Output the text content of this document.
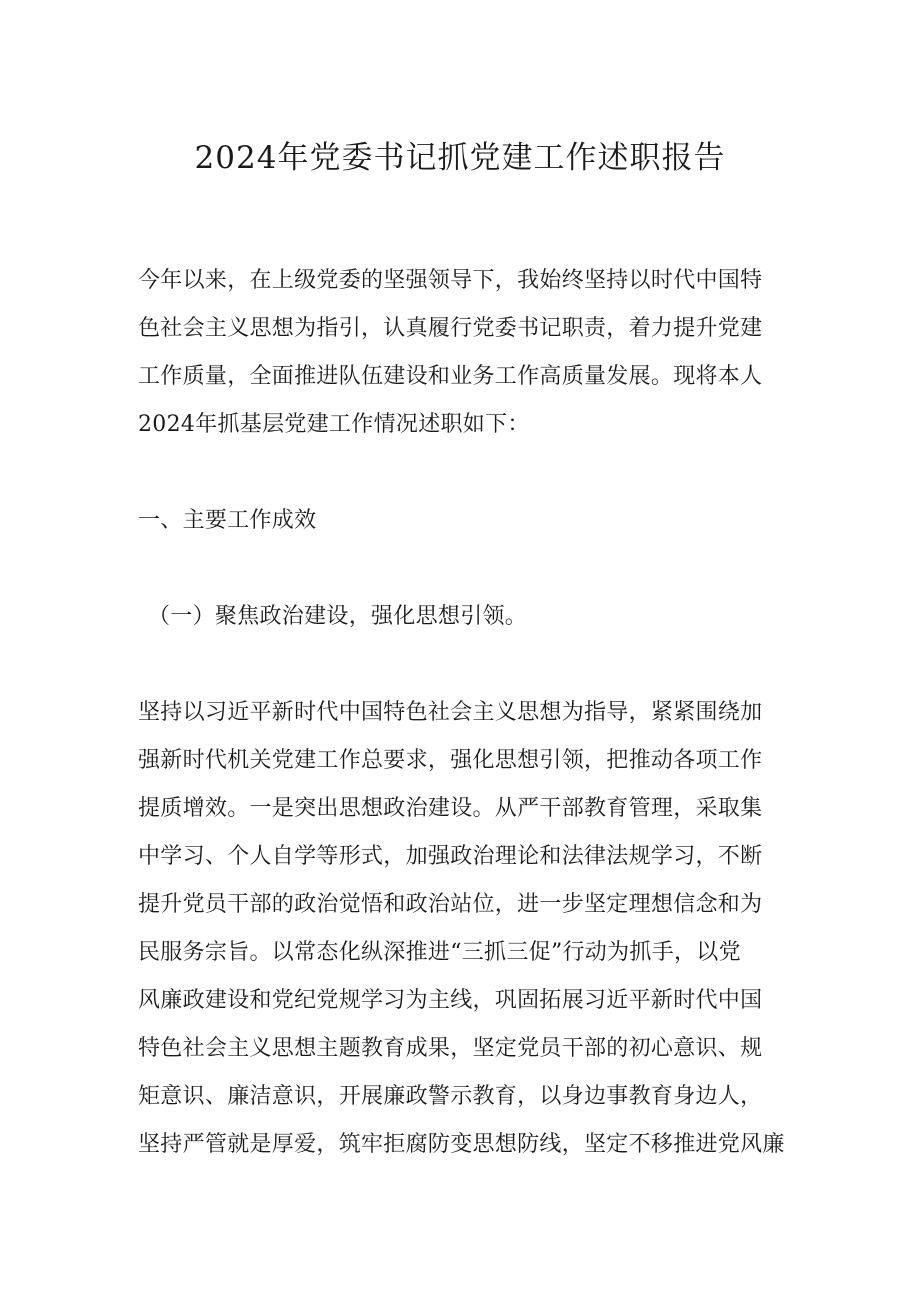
2024年党委书记抓党建工作述职报告
今年以来，在上级党委的坚强领导下，我始终坚持以时代中国特
色社会主义思想为指引，认真履行党委书记职责，着力提升党建
工作质量，全面推进队伍建设和业务工作高质量发展。现将本人
2024年抓基层党建工作情况述职如下：
一、主要工作成效
（一）聚焦政治建设，强化思想引领。
坚持以习近平新时代中国特色社会主义思想为指导，紧紧围绕加
强新时代机关党建工作总要求，强化思想引领，把推动各项工作
提质增效。一是突出思想政治建设。从严干部教育管理，采取集
中学习、个人自学等形式，加强政治理论和法律法规学习，不断
提升党员干部的政治觉悟和政治站位，进一步坚定理想信念和为
民服务宗旨。以常态化纵深推进“三抓三促”行动为抓手，以党
风廉政建设和党纪党规学习为主线，巩固拓展习近平新时代中国
特色社会主义思想主题教育成果，坚定党员干部的初心意识、规
矩意识、廉洁意识，开展廉政警示教育，以身边事教育身边人，
坚持严管就是厚爱，筑牢拒腐防变思想防线，坚定不移推进党风廉
